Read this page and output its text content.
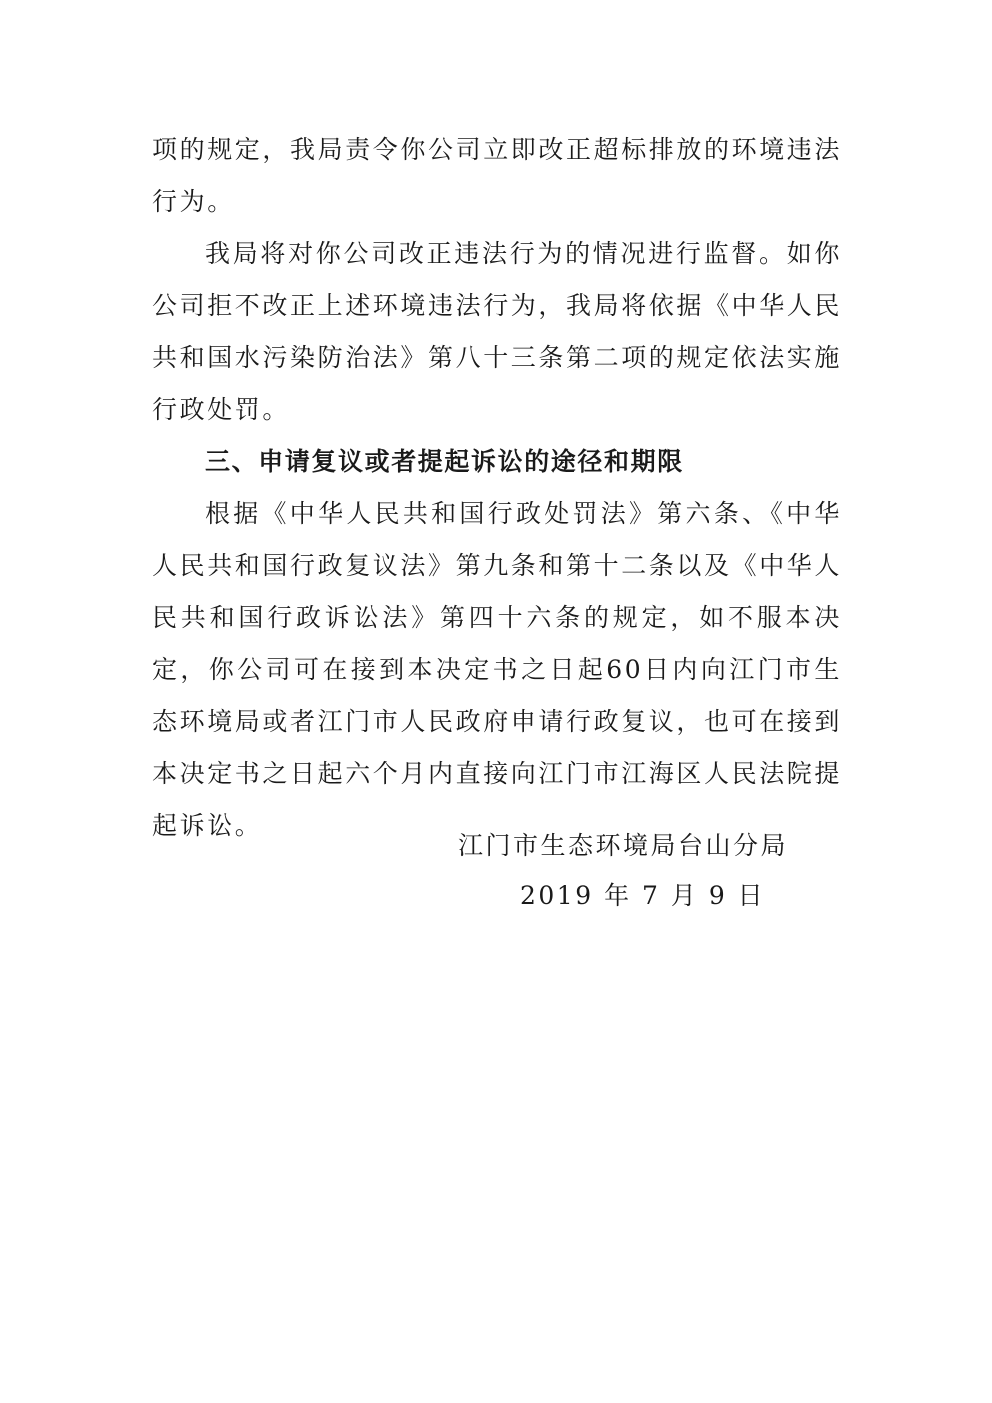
项的规定，我局责令你公司立即改正超标排放的环境违法行为。

我局将对你公司改正违法行为的情况进行监督。如你公司拒不改正上述环境违法行为，我局将依据《中华人民共和国水污染防治法》第八十三条第二项的规定依法实施行政处罚。

三、申请复议或者提起诉讼的途径和期限

根据《中华人民共和国行政处罚法》第六条、《中华人民共和国行政复议法》第九条和第十二条以及《中华人民共和国行政诉讼法》第四十六条的规定，如不服本决定，你公司可在接到本决定书之日起60日内向江门市生态环境局或者江门市人民政府申请行政复议，也可在接到本决定书之日起六个月内直接向江门市江海区人民法院提起诉讼。

江门市生态环境局台山分局

2019 年 7 月 9 日
